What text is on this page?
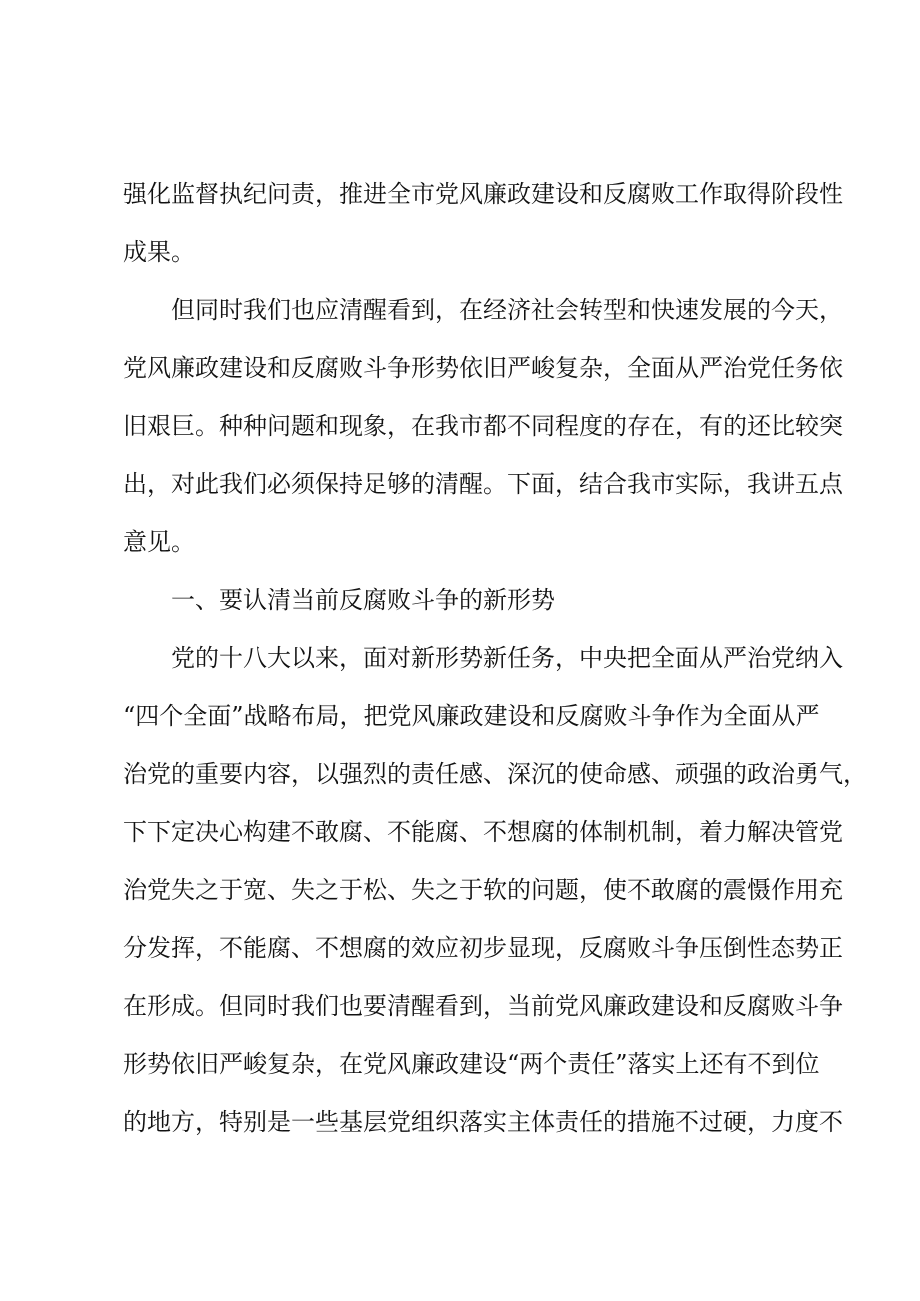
强化监督执纪问责，推进全市党风廉政建设和反腐败工作取得阶段性
成果。
但同时我们也应清醒看到，在经济社会转型和快速发展的今天，
党风廉政建设和反腐败斗争形势依旧严峻复杂，全面从严治党任务依
旧艰巨。种种问题和现象，在我市都不同程度的存在，有的还比较突
出，对此我们必须保持足够的清醒。下面，结合我市实际，我讲五点
意见。
一、要认清当前反腐败斗争的新形势
党的十八大以来，面对新形势新任务，中央把全面从严治党纳入
“四个全面”战略布局，把党风廉政建设和反腐败斗争作为全面从严
治党的重要内容，以强烈的责任感、深沉的使命感、顽强的政治勇气，
下下定决心构建不敢腐、不能腐、不想腐的体制机制，着力解决管党
治党失之于宽、失之于松、失之于软的问题，使不敢腐的震慑作用充
分发挥，不能腐、不想腐的效应初步显现，反腐败斗争压倒性态势正
在形成。但同时我们也要清醒看到，当前党风廉政建设和反腐败斗争
形势依旧严峻复杂，在党风廉政建设“两个责任”落实上还有不到位
的地方，特别是一些基层党组织落实主体责任的措施不过硬，力度不
